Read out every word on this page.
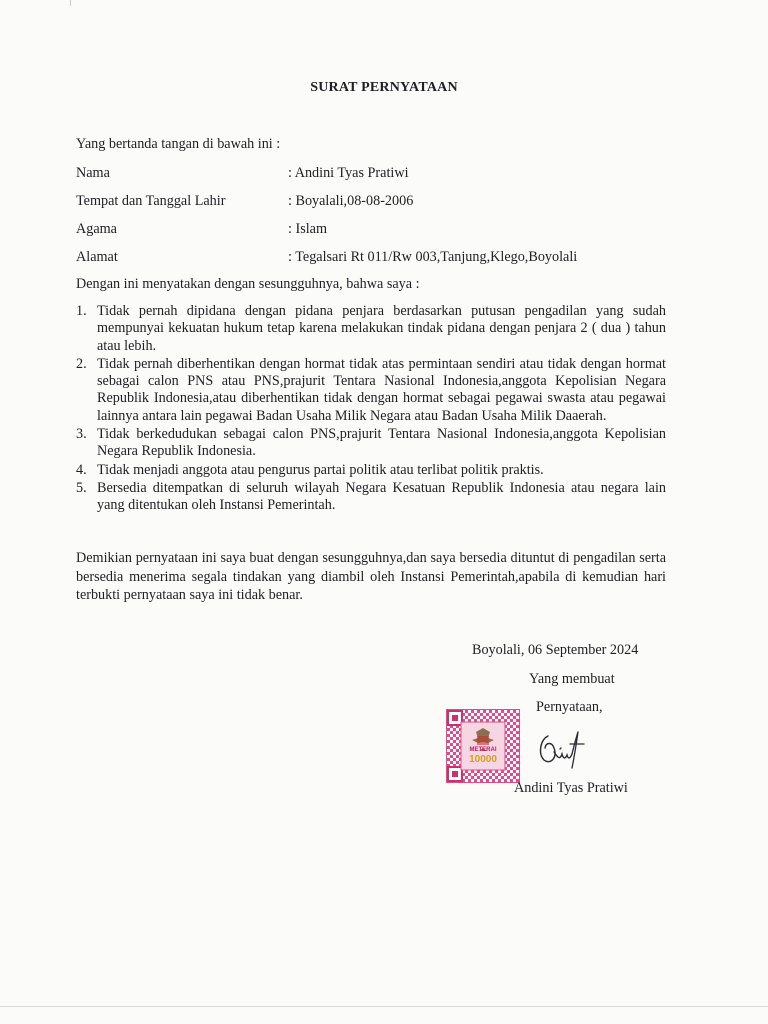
SURAT PERNYATAAN
Yang bertanda tangan di bawah ini :
Nama	: Andini Tyas Pratiwi
Tempat dan Tanggal Lahir	: Boyalali,08-08-2006
Agama	: Islam
Alamat	: Tegalsari Rt 011/Rw 003,Tanjung,Klego,Boyolali
Dengan ini menyatakan dengan sesungguhnya, bahwa saya :
1. Tidak pernah dipidana dengan pidana penjara berdasarkan putusan pengadilan yang sudah mempunyai kekuatan hukum tetap karena melakukan tindak pidana dengan penjara 2 ( dua ) tahun atau lebih.
2. Tidak pernah diberhentikan dengan hormat tidak atas permintaan sendiri atau tidak dengan hormat sebagai calon PNS atau PNS,prajurit Tentara Nasional Indonesia,anggota Kepolisian Negara Republik Indonesia,atau diberhentikan tidak dengan hormat sebagai pegawai swasta atau pegawai lainnya antara lain pegawai Badan Usaha Milik Negara atau Badan Usaha Milik Daaerah.
3. Tidak berkedudukan sebagai calon PNS,prajurit Tentara Nasional Indonesia,anggota Kepolisian Negara Republik Indonesia.
4. Tidak menjadi anggota atau pengurus partai politik atau terlibat politik praktis.
5. Bersedia ditempatkan di seluruh wilayah Negara Kesatuan Republik Indonesia atau negara lain yang ditentukan oleh Instansi Pemerintah.
Demikian pernyataan ini saya buat dengan sesungguhnya,dan saya bersedia dituntut di pengadilan serta bersedia menerima segala tindakan yang diambil oleh Instansi Pemerintah,apabila di kemudian hari terbukti pernyataan saya ini tidak benar.
Boyolali, 06 September 2024
Yang membuat
Pernyataan,
METERAI
10000
Andini Tyas Pratiwi
